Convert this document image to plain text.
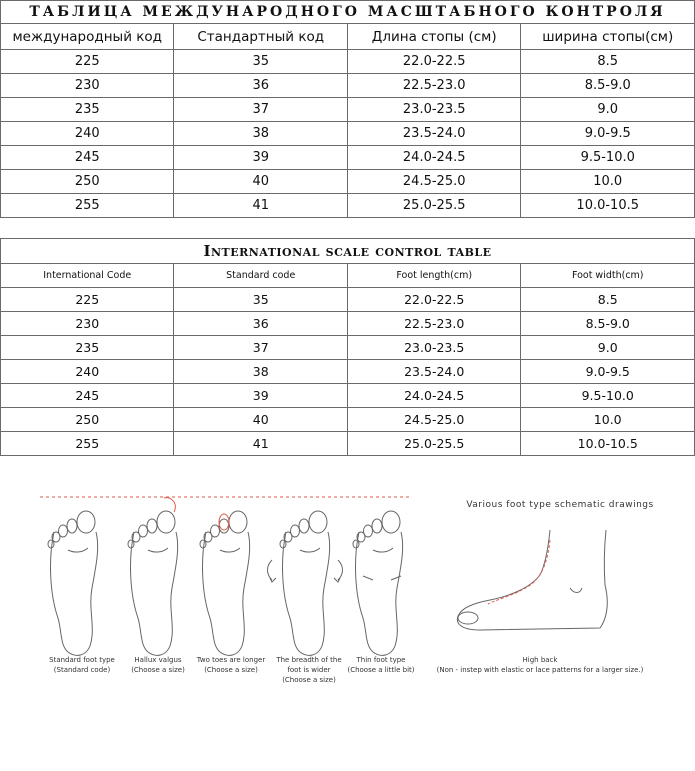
ТАБЛИЦА МЕЖДУНАРОДНОГО МАСШТАБНОГО КОНТРОЛЯ			
международный код	Стандартный код	Длина стопы (см)	ширина стопы(см)
225	35	22.0-22.5	8.5
230	36	22.5-23.0	8.5-9.0
235	37	23.0-23.5	9.0
240	38	23.5-24.0	9.0-9.5
245	39	24.0-24.5	9.5-10.0
250	40	24.5-25.0	10.0
255	41	25.0-25.5	10.0-10.5
International scale control table			
International Code	Standard code	Foot length(cm)	Foot width(cm)
225	35	22.0-22.5	8.5
230	36	22.5-23.0	8.5-9.0
235	37	23.0-23.5	9.0
240	38	23.5-24.0	9.0-9.5
245	39	24.0-24.5	9.5-10.0
250	40	24.5-25.0	10.0
255	41	25.0-25.5	10.0-10.5
Standard foot type
(Standard code)
Hallux valgus
(Choose a size)
Two toes are longer
(Choose a size)
The breadth of the
foot is wider
(Choose a size)
Thin foot type
(Choose a little bit)
Various foot type schematic drawings
High back
(Non - instep with elastic or lace patterns for a larger size.)
